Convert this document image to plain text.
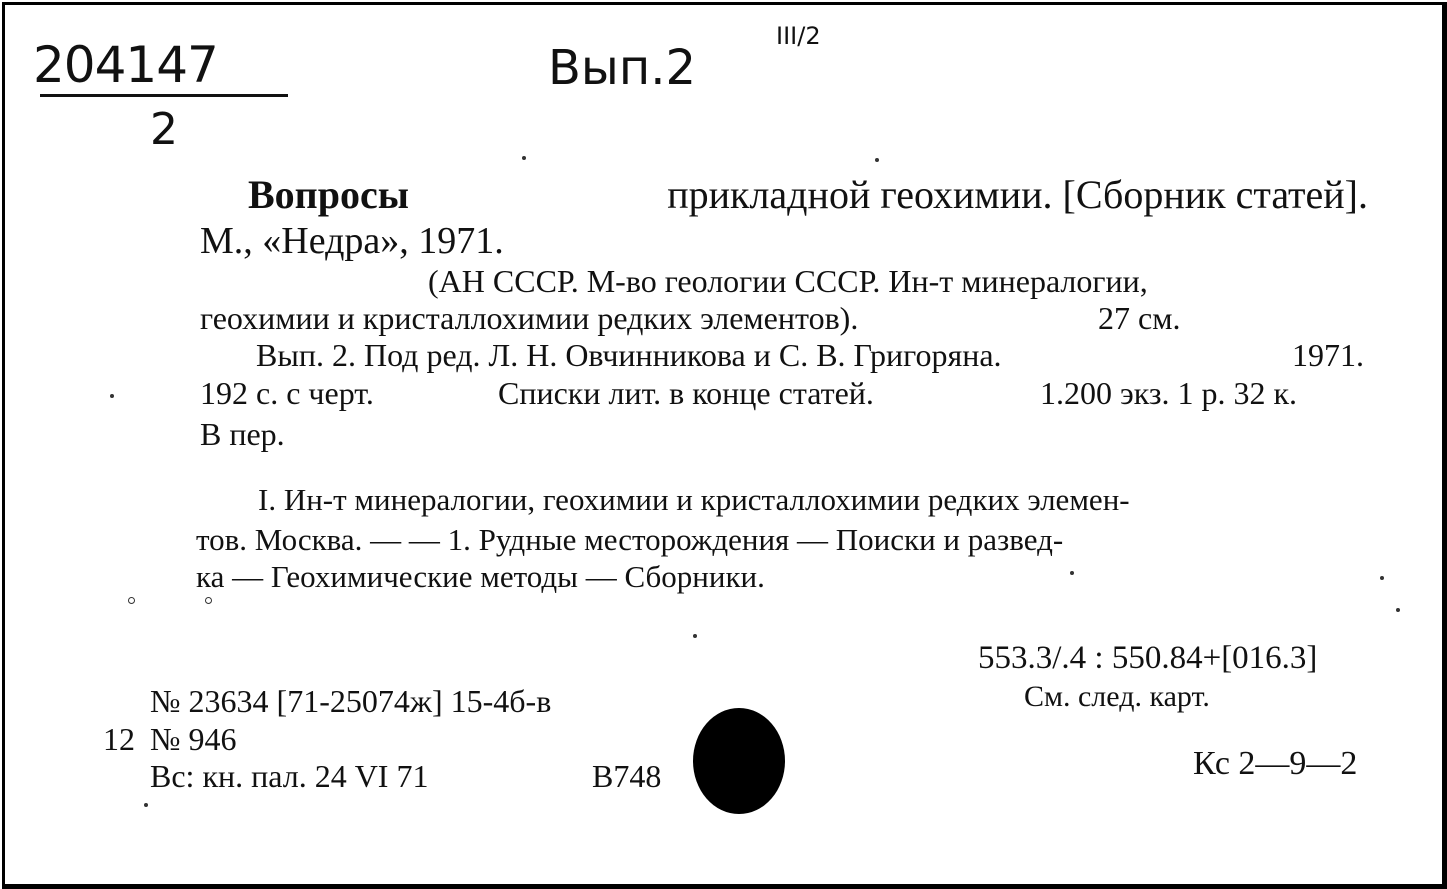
204147
2
Вып.2
III/2
Вопросы	прикладной геохимии. [Сборник статей].
М., «Недра», 1971.
(АН СССР. М-во геологии СССР. Ин-т минералогии,
геохимии и кристаллохимии редких элементов).	27 см.
Вып. 2. Под ред. Л. Н. Овчинникова и С. В. Григоряна.	1971.
192 с. с черт.	Списки лит. в конце статей.	1.200 экз. 1 р. 32 к.
В пер.
I. Ин-т минералогии, геохимии и кристаллохимии редких элемен-
тов. Москва. — — 1. Рудные месторождения — Поиски и развед-
ка — Геохимические методы — Сборники.
553.3/.4 : 550.84+[016.3]
См. след. карт.
Кс 2—9—2
№ 23634 [71-25074ж] 15-4б-в
12 № 946
Вс: кн. пал. 24 VI 71	В748
